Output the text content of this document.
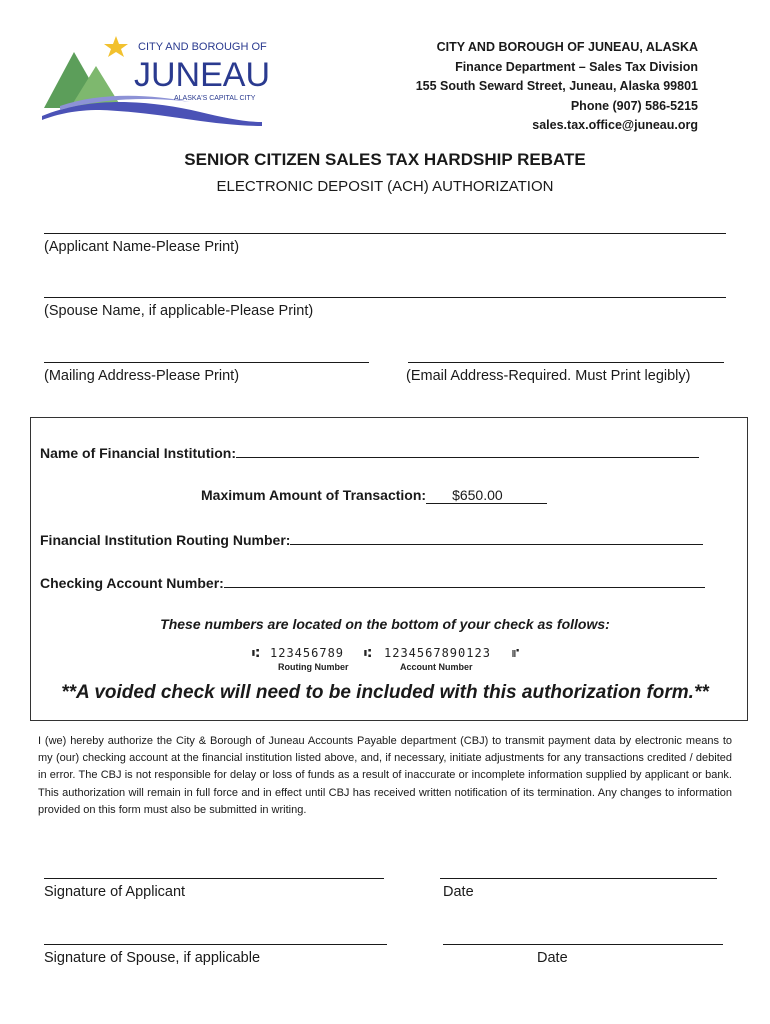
CITY AND BOROUGH OF
JUNEAU
ALASKA'S CAPITAL CITY
CITY AND BOROUGH OF JUNEAU, ALASKA
Finance Department – Sales Tax Division
155 South Seward Street, Juneau, Alaska 99801
Phone (907) 586-5215
sales.tax.office@juneau.org
SENIOR CITIZEN SALES TAX HARDSHIP REBATE
ELECTRONIC DEPOSIT (ACH) AUTHORIZATION
(Applicant Name-Please Print)
(Spouse Name, if applicable-Please Print)
(Mailing Address-Please Print)	(Email Address-Required. Must Print legibly)
Name of Financial Institution:
Maximum Amount of Transaction: $650.00
Financial Institution Routing Number:
Checking Account Number:
These numbers are located on the bottom of your check as follows:
⑆ 123456789 ⑆ 1234567890123 ⑈
Routing Number	Account Number
**A voided check will need to be included with this authorization form.**
I (we) hereby authorize the City & Borough of Juneau Accounts Payable department (CBJ) to transmit payment data by electronic means to my (our) checking account at the financial institution listed above, and, if necessary, initiate adjustments for any transactions credited / debited in error. The CBJ is not responsible for delay or loss of funds as a result of inaccurate or incomplete information supplied by applicant or bank. This authorization will remain in full force and in effect until CBJ has received written notification of its termination. Any changes to information provided on this form must also be submitted in writing.
Signature of Applicant	Date
Signature of Spouse, if applicable	Date
